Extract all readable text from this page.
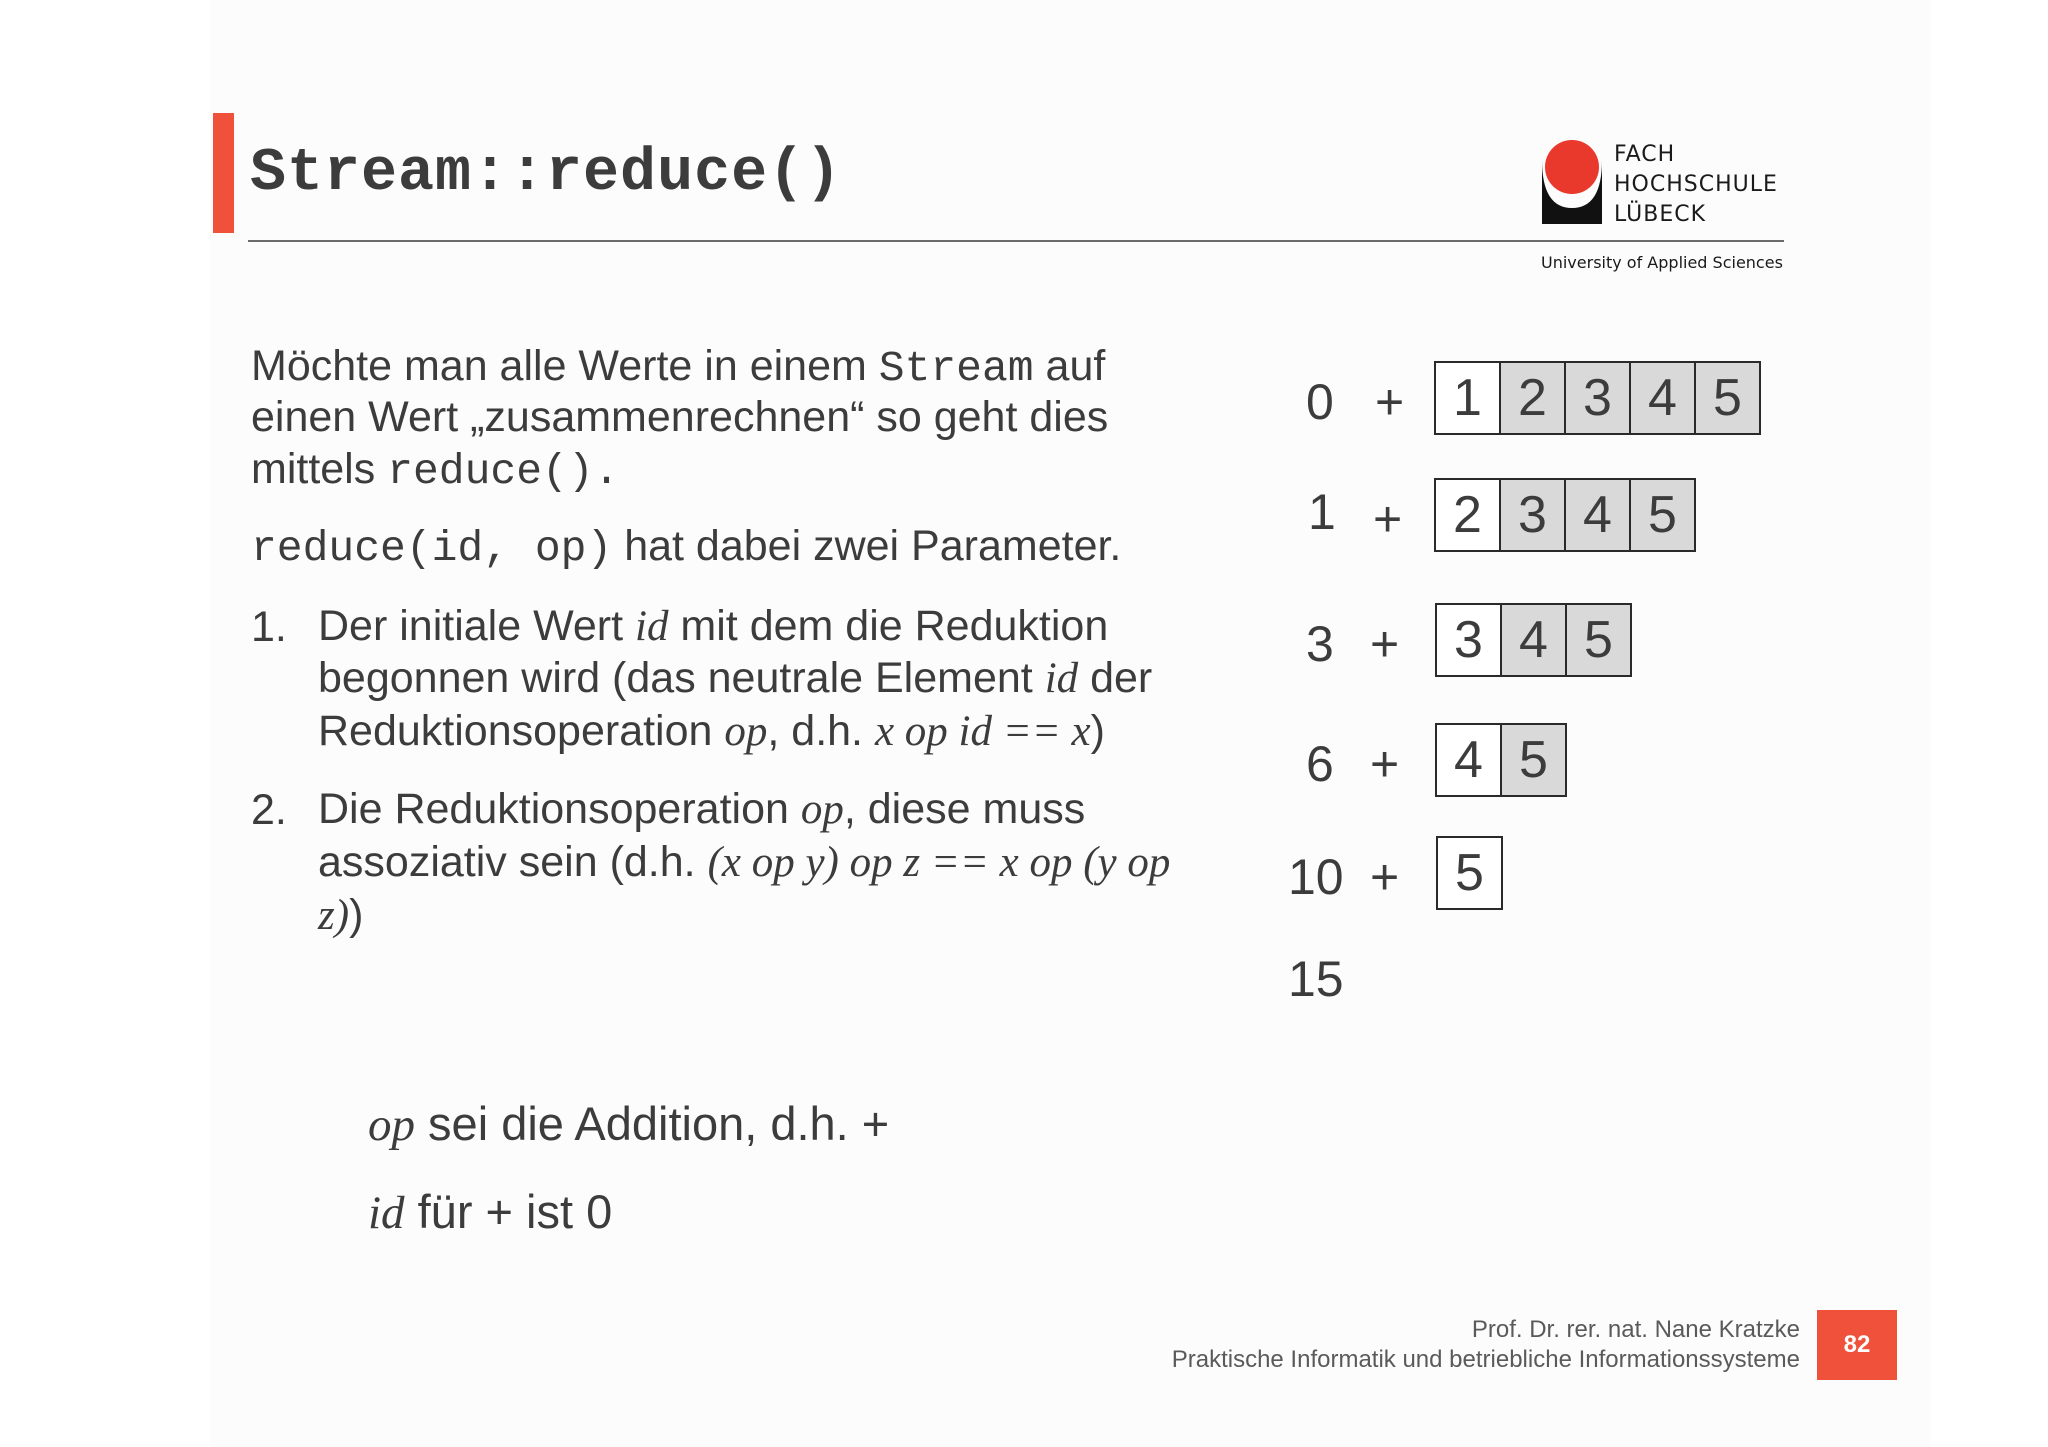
Stream::reduce()	FACH
HOCHSCHULE
LÜBECK
University of Applied Sciences
Möchte man alle Werte in einem Stream auf
einen Wert „zusammenrechnen“ so geht dies
mittels reduce().
reduce(id, op) hat dabei zwei Parameter.
1. Der initiale Wert id mit dem die Reduktion
begonnen wird (das neutrale Element id der
Reduktionsoperation op, d.h. x op id == x)
2. Die Reduktionsoperation op, diese muss
assoziativ sein (d.h. (x op y) op z == x op (y op
z))
op sei die Addition, d.h. +
id für + ist 0
0 + 1 2 3 4 5
1 + 2 3 4 5
3 +	3 4 5
6 +	4 5
10 +	5
15
Prof. Dr. rer. nat. Nane Kratzke
Praktische Informatik und betriebliche Informationssysteme
82
